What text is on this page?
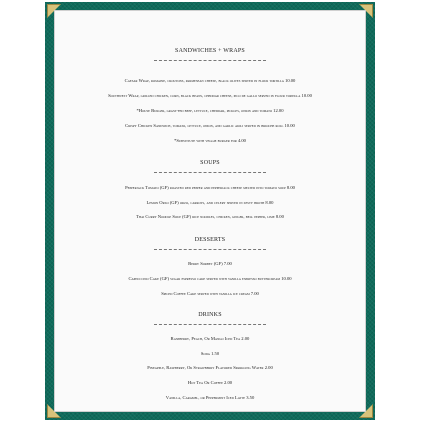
SANDWICHES + WRAPS
Caesar Wrap, romaine, croutons, parmesean cheese, black olives served in flour tortilla 10.00
Southwest Wrap, grilled chicken, corn, black beans, cheddar cheese, pico de gallo served in flour tortilla 10.00
*House Burger, grass-fed beef, lettuce, cheddar, pickles, onion and tomato 12.00
Crispy Chicken Sandwich, tomato, lettuce, onion, and garlic aioli served in brioche roll 10.00
*Substitute with veggie burger for 4.00
SOUPS
Pepperjack Tomato (GF) roasted red pepper and pepperjack cheese melted into tomato soup 8.00
Lemon Orzo (GF) orzo, carrots, and celery served in zesty broth 8.00
Thai Curry Noodle Soup (GF) rice noodles, chicken, ginger, bell pepper, lime 8.00
DESSERTS
Berry Sorbet (GF) 7.00
Cappuccino Cake (GF) sugar espresso cake served with vanilla espresso buttercream 10.00
Spiced Coffee Cake served with vanilla ice cream 7.00
DRINKS
Raspberry, Peach, Or Mango Iced Tea 2.00
Soda 1.50
Pineapple, Raspberry, Or Strawberry Flavored Sparkling Water 2.00
Hot Tea Or Coffee 2.00
Vanilla, Caramel, or Peppermint Iced Latte 3.50
